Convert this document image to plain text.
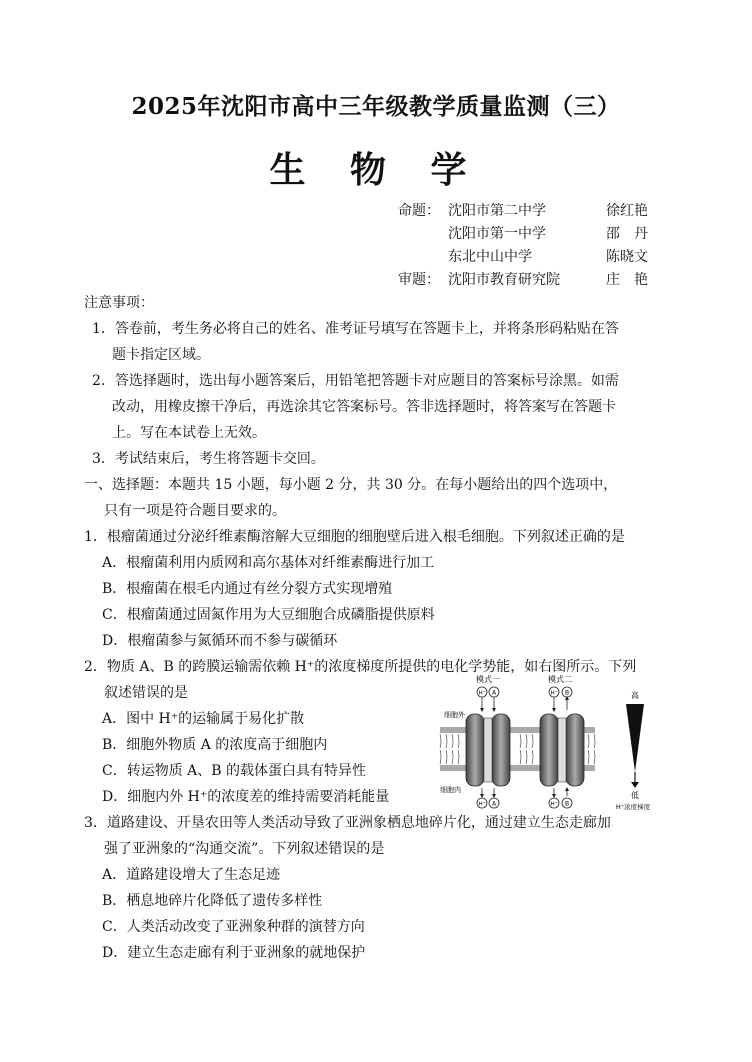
2025年沈阳市高中三年级教学质量监测（三）
生 物 学
命题： 沈阳市第二中学	徐红艳
沈阳市第一中学	邵　丹
东北中山中学	陈晓文
审题： 沈阳市教育研究院	庄　艳
注意事项：
1．答卷前，考生务必将自己的姓名、准考证号填写在答题卡上，并将条形码粘贴在答
题卡指定区域。
2．答选择题时，选出每小题答案后，用铅笔把答题卡对应题目的答案标号涂黑。如需
改动，用橡皮擦干净后，再选涂其它答案标号。答非选择题时，将答案写在答题卡
上。写在本试卷上无效。
3．考试结束后，考生将答题卡交回。
一、选择题：本题共 15 小题，每小题 2 分，共 30 分。在每小题给出的四个选项中，
只有一项是符合题目要求的。
1．根瘤菌通过分泌纤维素酶溶解大豆细胞的细胞壁后进入根毛细胞。下列叙述正确的是
A．根瘤菌利用内质网和高尔基体对纤维素酶进行加工
B．根瘤菌在根毛内通过有丝分裂方式实现增殖
C．根瘤菌通过固氮作用为大豆细胞合成磷脂提供原料
D．根瘤菌参与氮循环而不参与碳循环
2．物质 A、B 的跨膜运输需依赖 H⁺的浓度梯度所提供的电化学势能，如右图所示。下列
叙述错误的是
A．图中 H⁺的运输属于易化扩散
B．细胞外物质 A 的浓度高于细胞内
C．转运物质 A、B 的载体蛋白具有特异性
D．细胞内外 H⁺的浓度差的维持需要消耗能量
3．道路建设、开垦农田等人类活动导致了亚洲象栖息地碎片化，通过建立生态走廊加
强了亚洲象的“沟通交流”。下列叙述错误的是
A．道路建设增大了生态足迹
B．栖息地碎片化降低了遗传多样性
C．人类活动改变了亚洲象种群的演替方向
D．建立生态走廊有利于亚洲象的就地保护
模式一	模式二
H⁺ A	H⁺ B
细胞外
H⁺ A	H⁺ B
细胞内
高
低
H⁺浓度梯度
